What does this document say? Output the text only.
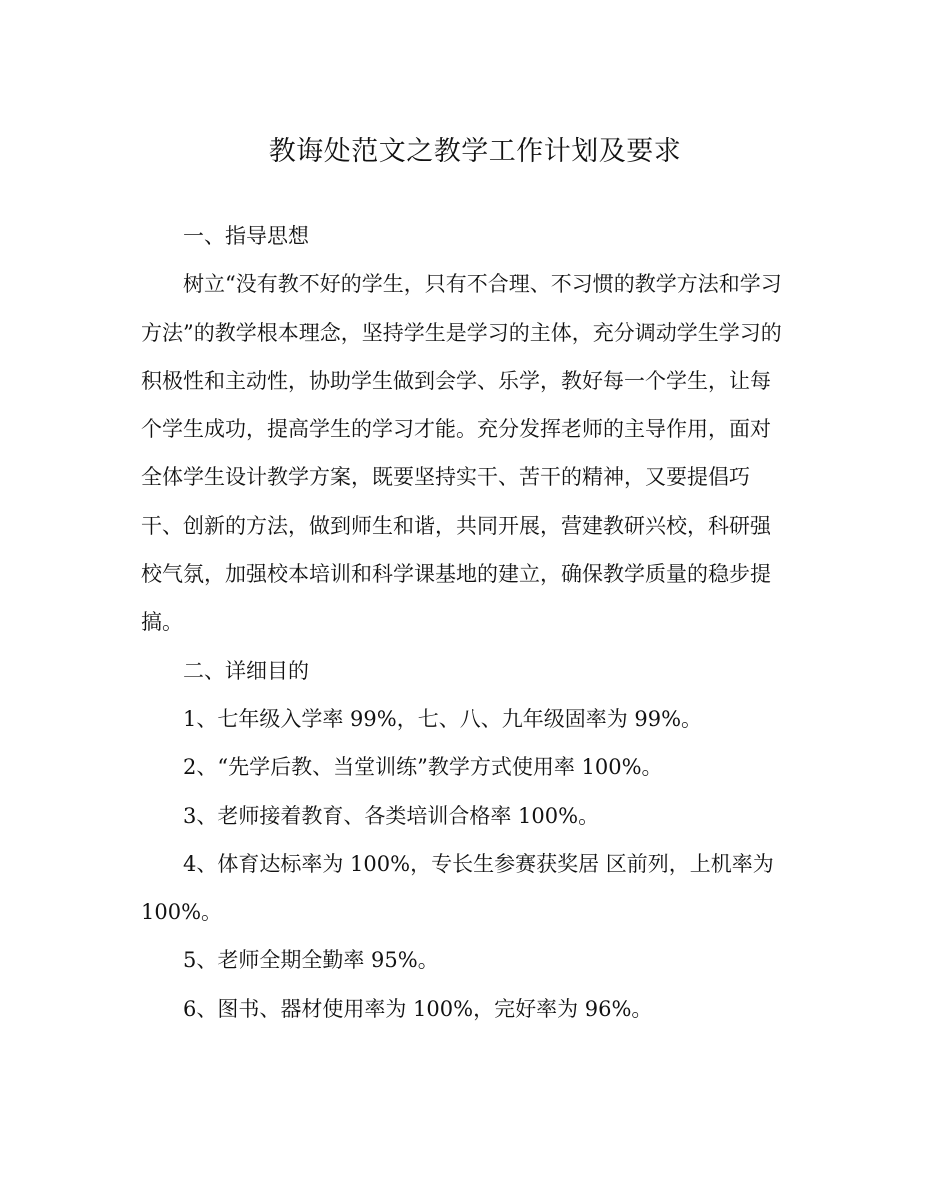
教诲处范文之教学工作计划及要求

一、指导思想

树立“没有教不好的学生，只有不合理、不习惯的教学方法和学习

方法”的教学根本理念，坚持学生是学习的主体，充分调动学生学习的

积极性和主动性，协助学生做到会学、乐学，教好每一个学生，让每

个学生成功，提高学生的学习才能。充分发挥老师的主导作用，面对

全体学生设计教学方案，既要坚持实干、苦干的精神，又要提倡巧

干、创新的方法，做到师生和谐，共同开展，营建教研兴校，科研强

校气氛，加强校本培训和科学课基地的建立，确保教学质量的稳步提

搞。

二、详细目的

1、七年级入学率 99%，七、八、九年级固率为 99%。

2、“先学后教、当堂训练”教学方式使用率 100%。

3、老师接着教育、各类培训合格率 100%。

4、体育达标率为 100%，专长生参赛获奖居 区前列，上机率为

100%。

5、老师全期全勤率 95%。

6、图书、器材使用率为 100%，完好率为 96%。
